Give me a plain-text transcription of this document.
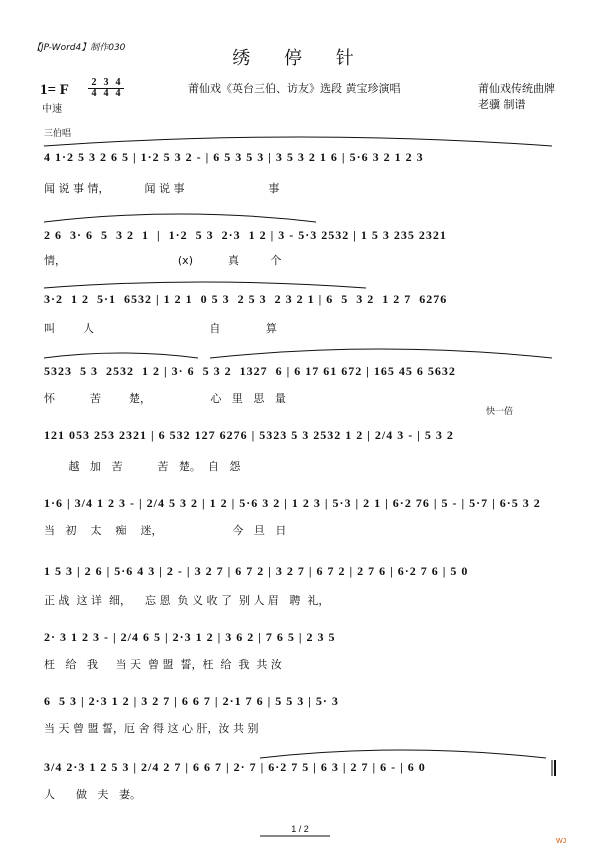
【JP-Word4】制作030	绣 停 针
1= F	2
4
3
4
4
4
中速
莆仙戏《英台三伯、访友》选段 黄宝珍演唱	莆仙戏传统曲牌
老骥 制谱
三伯唱
快一倍
4 1·2 5 3 2 6 5 | 1·2 5 3 2 - | 6 5 3 5 3 | 3 5 3 2 1 6 | 5·6 3 2 1 2 3
闻 说 事 情，          闻 说 事                        事
2 6  3· 6  5  3 2  1  |  1·2  5 3  2·3  1 2 | 3 - 5·3 2532 | 1 5 3 235 2321
情，                                (x)          真         个
3·2  1 2  5·1  6532 | 1 2 1  0 5 3  2 5 3  2 3 2 1 | 6  5  3 2  1 2 7  6276
叫        人                                 自             算
5323  5 3  2532  1 2 | 3· 6  5 3 2  1327  6 | 6 17 61 672 | 165 45 6 5632
怀          苦        楚，                 心   里   思   量
121 053 253 2321 | 6 532 127 6276 | 5323 5 3 2532 1 2 | 2/4 3 - | 5 3 2
越   加   苦          苦   楚。  自   怨
1·6 | 3/4 1 2 3 - | 2/4 5 3 2 | 1 2 | 5·6 3 2 | 1 2 3 | 5·3 | 2 1 | 6·2 76 | 5 - | 5·7 | 6·5 3 2
当   初    太    痴    迷，                    今   旦   日
1 5 3 | 2 6 | 5·6 4 3 | 2 - | 3 2 7 | 6 7 2 | 3 2 7 | 6 7 2 | 2 7 6 | 6·2 7 6 | 5 0
正 战  这 详  细，    忘 恩  负 义 收 了  别 人 眉   聘  礼，
2· 3 1 2 3 - | 2/4 6 5 | 2·3 1 2 | 3 6 2 | 7 6 5 | 2 3 5
枉   给   我     当 天  曾 盟  誓，枉  给  我  共 汝
6  5 3 | 2·3 1 2 | 3 2 7 | 6 6 7 | 2·1 7 6 | 5 5 3 | 5· 3
当 天 曾 盟 誓，厄 舍 得 这 心 肝，汝 共 别
3/4 2·3 1 2 5 3 | 2/4 2 7 | 6 6 7 | 2· 7 | 6·2 7 5 | 6 3 | 2 7 | 6 - | 6 0
人      做   夫   妻。
1 / 2
WJ
